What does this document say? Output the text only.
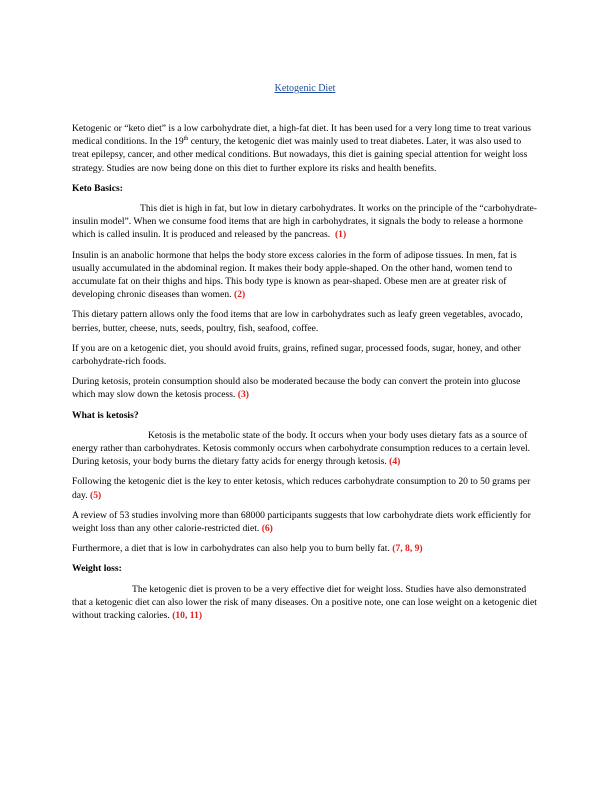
Ketogenic Diet

Ketogenic or “keto diet” is a low carbohydrate diet, a high-fat diet. It has been used for a very long time to treat various medical conditions. In the 19th century, the ketogenic diet was mainly used to treat diabetes. Later, it was also used to treat epilepsy, cancer, and other medical conditions. But nowadays, this diet is gaining special attention for weight loss strategy. Studies are now being done on this diet to further explore its risks and health benefits.

Keto Basics:

This diet is high in fat, but low in dietary carbohydrates. It works on the principle of the “carbohydrate-insulin model”. When we consume food items that are high in carbohydrates, it signals the body to release a hormone which is called insulin. It is produced and released by the pancreas. (1)

Insulin is an anabolic hormone that helps the body store excess calories in the form of adipose tissues. In men, fat is usually accumulated in the abdominal region. It makes their body apple-shaped. On the other hand, women tend to accumulate fat on their thighs and hips. This body type is known as pear-shaped. Obese men are at greater risk of developing chronic diseases than women. (2)

This dietary pattern allows only the food items that are low in carbohydrates such as leafy green vegetables, avocado, berries, butter, cheese, nuts, seeds, poultry, fish, seafood, coffee.

If you are on a ketogenic diet, you should avoid fruits, grains, refined sugar, processed foods, sugar, honey, and other carbohydrate-rich foods.

During ketosis, protein consumption should also be moderated because the body can convert the protein into glucose which may slow down the ketosis process. (3)

What is ketosis?

Ketosis is the metabolic state of the body. It occurs when your body uses dietary fats as a source of energy rather than carbohydrates. Ketosis commonly occurs when carbohydrate consumption reduces to a certain level. During ketosis, your body burns the dietary fatty acids for energy through ketosis. (4)

Following the ketogenic diet is the key to enter ketosis, which reduces carbohydrate consumption to 20 to 50 grams per day. (5)

A review of 53 studies involving more than 68000 participants suggests that low carbohydrate diets work efficiently for weight loss than any other calorie-restricted diet. (6)

Furthermore, a diet that is low in carbohydrates can also help you to burn belly fat. (7, 8, 9)

Weight loss:

The ketogenic diet is proven to be a very effective diet for weight loss. Studies have also demonstrated that a ketogenic diet can also lower the risk of many diseases. On a positive note, one can lose weight on a ketogenic diet without tracking calories. (10, 11)
